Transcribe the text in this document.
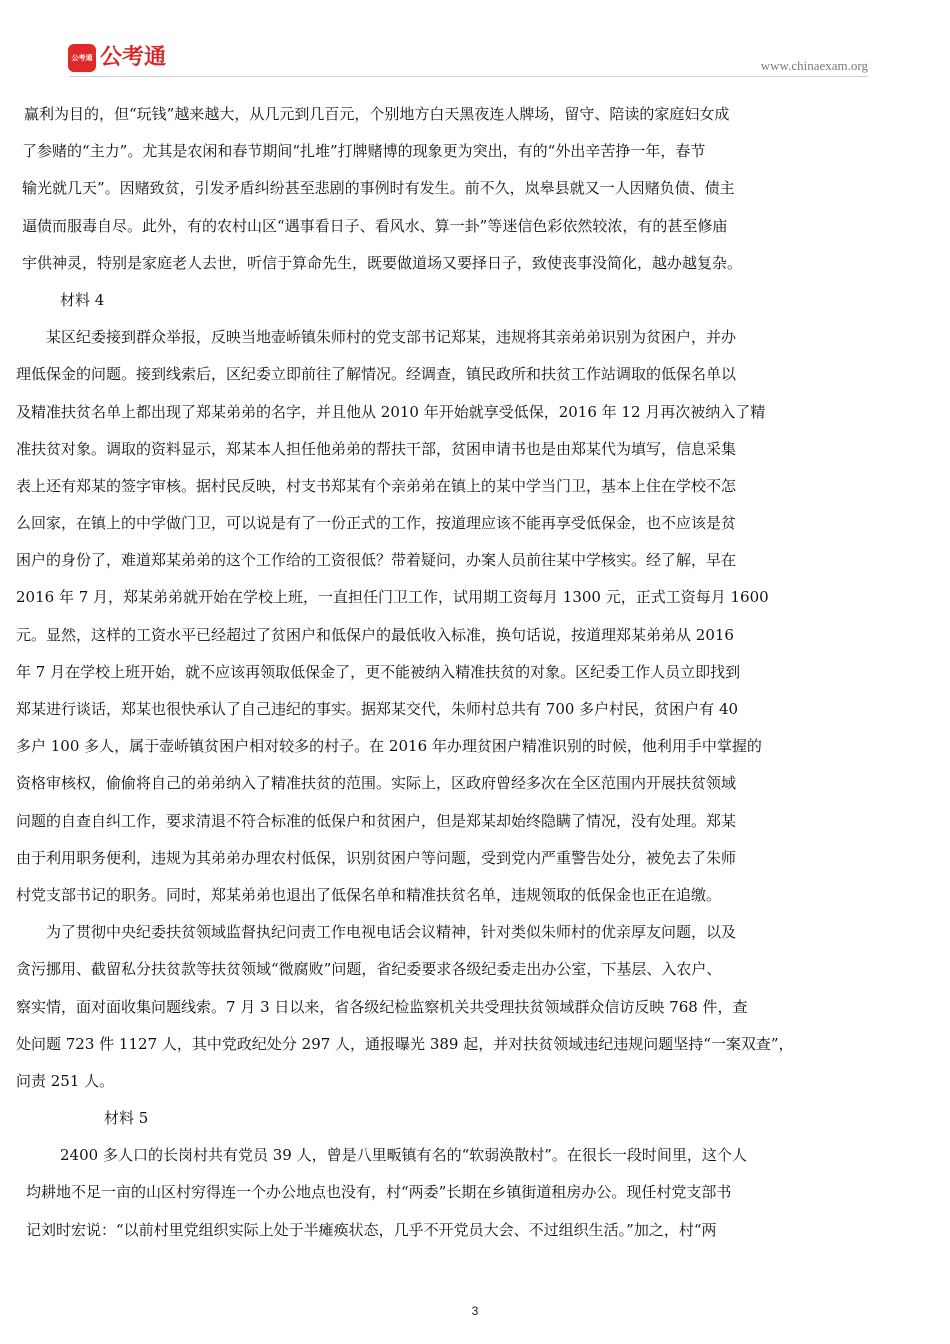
公考通 公考通	www.chinaexam.org
赢利为目的，但“玩钱”越来越大，从几元到几百元，个别地方白天黑夜连人牌场，留守、陪读的家庭妇女成
了参赌的“主力”。尤其是农闲和春节期间“扎堆”打牌赌博的现象更为突出，有的“外出辛苦挣一年，春节
输光就几天”。因赌致贫，引发矛盾纠纷甚至悲剧的事例时有发生。前不久，岚皋县就又一人因赌负债、债主
逼债而服毒自尽。此外，有的农村山区“遇事看日子、看风水、算一卦”等迷信色彩依然较浓，有的甚至修庙
宇供神灵，特别是家庭老人去世，听信于算命先生，既要做道场又要择日子，致使丧事没简化，越办越复杂。
材料 4
某区纪委接到群众举报，反映当地壶峤镇朱师村的党支部书记郑某，违规将其亲弟弟识别为贫困户，并办
理低保金的问题。接到线索后，区纪委立即前往了解情况。经调查，镇民政所和扶贫工作站调取的低保名单以
及精准扶贫名单上都出现了郑某弟弟的名字，并且他从 2010 年开始就享受低保，2016 年 12 月再次被纳入了精
准扶贫对象。调取的资料显示，郑某本人担任他弟弟的帮扶干部，贫困申请书也是由郑某代为填写，信息采集
表上还有郑某的签字审核。据村民反映，村支书郑某有个亲弟弟在镇上的某中学当门卫，基本上住在学校不怎
么回家，在镇上的中学做门卫，可以说是有了一份正式的工作，按道理应该不能再享受低保金，也不应该是贫
困户的身份了，难道郑某弟弟的这个工作给的工资很低？带着疑问，办案人员前往某中学核实。经了解，早在
2016 年 7 月，郑某弟弟就开始在学校上班，一直担任门卫工作，试用期工资每月 1300 元，正式工资每月 1600
元。显然，这样的工资水平已经超过了贫困户和低保户的最低收入标准，换句话说，按道理郑某弟弟从 2016
年 7 月在学校上班开始，就不应该再领取低保金了，更不能被纳入精准扶贫的对象。区纪委工作人员立即找到
郑某进行谈话，郑某也很快承认了自己违纪的事实。据郑某交代，朱师村总共有 700 多户村民，贫困户有 40
多户 100 多人，属于壶峤镇贫困户相对较多的村子。在 2016 年办理贫困户精准识别的时候，他利用手中掌握的
资格审核权，偷偷将自己的弟弟纳入了精准扶贫的范围。实际上，区政府曾经多次在全区范围内开展扶贫领域
问题的自查自纠工作，要求清退不符合标准的低保户和贫困户，但是郑某却始终隐瞒了情况，没有处理。郑某
由于利用职务便利，违规为其弟弟办理农村低保，识别贫困户等问题，受到党内严重警告处分，被免去了朱师
村党支部书记的职务。同时，郑某弟弟也退出了低保名单和精准扶贫名单，违规领取的低保金也正在追缴。
为了贯彻中央纪委扶贫领域监督执纪问责工作电视电话会议精神，针对类似朱师村的优亲厚友问题，以及
贪污挪用、截留私分扶贫款等扶贫领域“微腐败”问题，省纪委要求各级纪委走出办公室，下基层、入农户、
察实情，面对面收集问题线索。7 月 3 日以来，省各级纪检监察机关共受理扶贫领域群众信访反映 768 件，查
处问题 723 件 1127 人，其中党政纪处分 297 人，通报曝光 389 起，并对扶贫领域违纪违规问题坚持“一案双查”，
问责 251 人。
材料 5
2400 多人口的长岗村共有党员 39 人，曾是八里畈镇有名的“软弱涣散村”。在很长一段时间里，这个人
均耕地不足一亩的山区村穷得连一个办公地点也没有，村“两委”长期在乡镇街道租房办公。现任村党支部书
记刘时宏说：“以前村里党组织实际上处于半瘫痪状态，几乎不开党员大会、不过组织生活。”加之，村“两
3
